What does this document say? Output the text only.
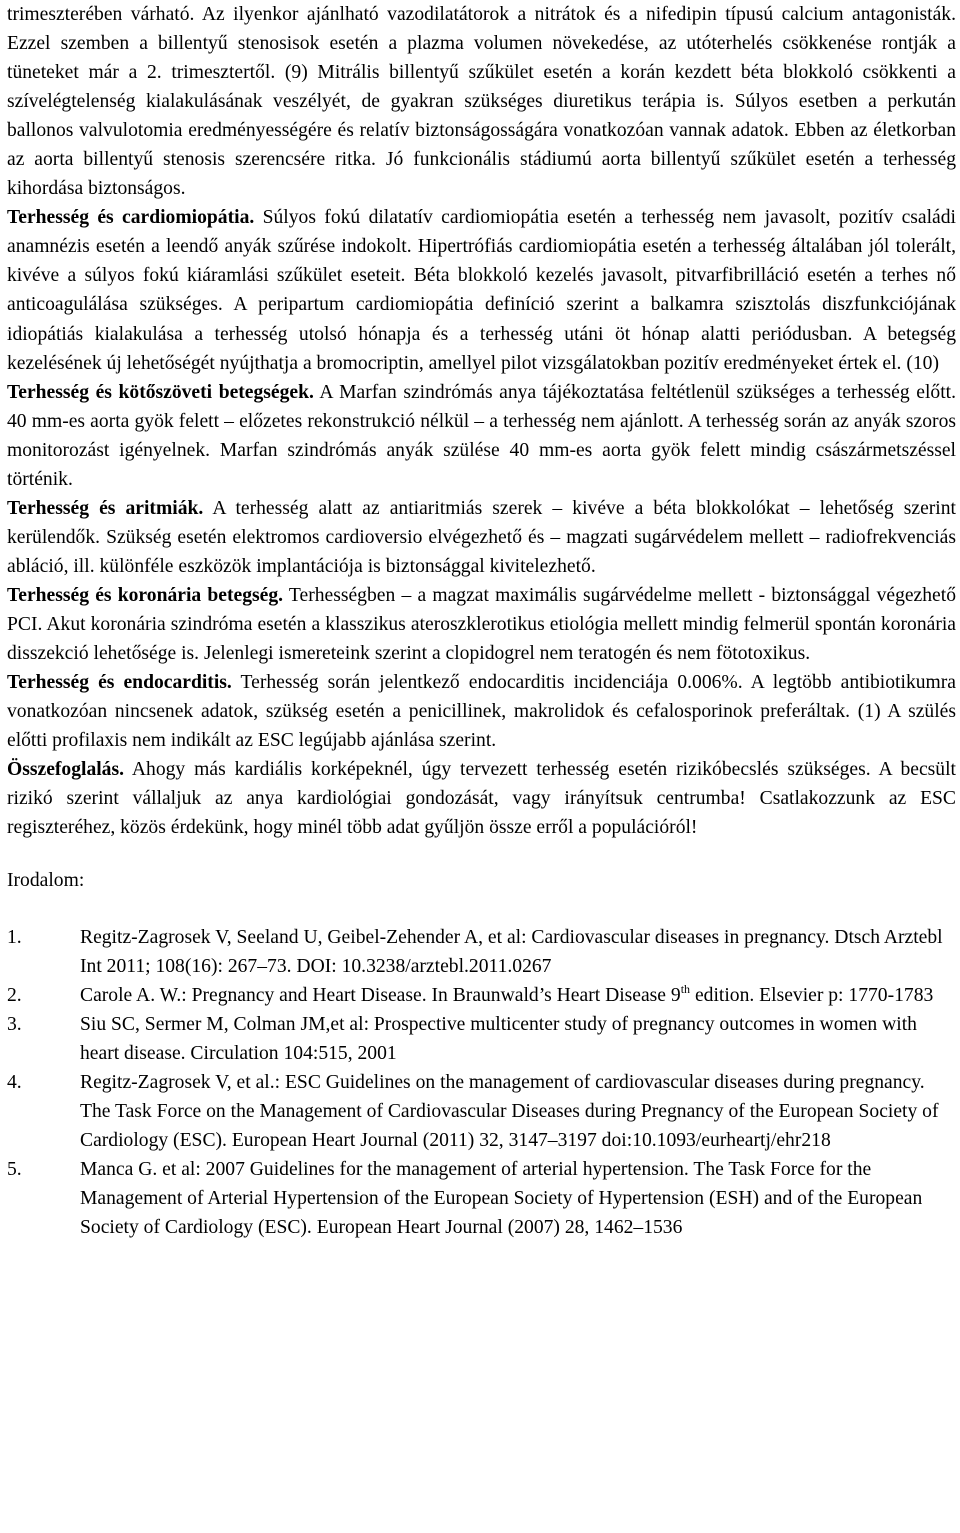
trimeszterében várható. Az ilyenkor ajánlható vazodilatátorok a nitrátok és a nifedipin típusú calcium antagonisták. Ezzel szemben a billentyű stenosisok esetén a plazma volumen növekedése, az utóterhelés csökkenése rontják a tüneteket már a 2. trimesztertől. (9) Mitrális billentyű szűkület esetén a korán kezdett béta blokkoló csökkenti a szívelégtelenség kialakulásának veszélyét, de gyakran szükséges diuretikus terápia is. Súlyos esetben a perkután ballonos valvulotomia eredményességére és relatív biztonságosságára vonatkozóan vannak adatok. Ebben az életkorban az aorta billentyű stenosis szerencsére ritka. Jó funkcionális stádiumú aorta billentyű szűkület esetén a terhesség kihordása biztonságos.

Terhesség és cardiomiopátia. Súlyos fokú dilatatív cardiomiopátia esetén a terhesség nem javasolt, pozitív családi anamnézis esetén a leendő anyák szűrése indokolt. Hipertrófiás cardiomiopátia esetén a terhesség általában jól tolerált, kivéve a súlyos fokú kiáramlási szűkület eseteit. Béta blokkoló kezelés javasolt, pitvarfibrilláció esetén a terhes nő anticoagulálása szükséges. A peripartum cardiomiopátia definíció szerint a balkamra szisztolás diszfunkciójának idiopátiás kialakulása a terhesség utolsó hónapja és a terhesség utáni öt hónap alatti periódusban. A betegség kezelésének új lehetőségét nyújthatja a bromocriptin, amellyel pilot vizsgálatokban pozitív eredményeket értek el. (10)

Terhesség és kötőszöveti betegségek. A Marfan szindrómás anya tájékoztatása feltétlenül szükséges a terhesség előtt. 40 mm-es aorta gyök felett – előzetes rekonstrukció nélkül – a terhesség nem ajánlott. A terhesség során az anyák szoros monitorozást igényelnek. Marfan szindrómás anyák szülése 40 mm-es aorta gyök felett mindig császármetszéssel történik.

Terhesség és aritmiák. A terhesség alatt az antiaritmiás szerek – kivéve a béta blokkolókat – lehetőség szerint kerülendők. Szükség esetén elektromos cardioversio elvégezhető és – magzati sugárvédelem mellett – radiofrekvenciás abláció, ill. különféle eszközök implantációja is biztonsággal kivitelezhető.

Terhesség és koronária betegség. Terhességben – a magzat maximális sugárvédelme mellett - biztonsággal végezhető PCI. Akut koronária szindróma esetén a klasszikus ateroszklerotikus etiológia mellett mindig felmerül spontán koronária disszekció lehetősége is. Jelenlegi ismereteink szerint a clopidogrel nem teratogén és nem fötotoxikus.

Terhesség és endocarditis. Terhesség során jelentkező endocarditis incidenciája 0.006%. A legtöbb antibiotikumra vonatkozóan nincsenek adatok, szükség esetén a penicillinek, makrolidok és cefalosporinok preferáltak. (1) A szülés előtti profilaxis nem indikált az ESC legújabb ajánlása szerint.

Összefoglalás. Ahogy más kardiális korképeknél, úgy tervezett terhesség esetén rizikóbecslés szükséges. A becsült rizikó szerint vállaljuk az anya kardiológiai gondozását, vagy irányítsuk centrumba! Csatlakozzunk az ESC regiszteréhez, közös érdekünk, hogy minél több adat gyűljön össze erről a populációról!

Irodalom:

1.	Regitz-Zagrosek V, Seeland U, Geibel-Zehender A, et al: Cardiovascular diseases in pregnancy. Dtsch Arztebl Int 2011; 108(16): 267–73. DOI: 10.3238/arztebl.2011.0267
2.	Carole A. W.: Pregnancy and Heart Disease. In Braunwald’s Heart Disease 9th edition. Elsevier p: 1770-1783
3.	Siu SC, Sermer M, Colman JM,et al: Prospective multicenter study of pregnancy outcomes in women with heart disease. Circulation 104:515, 2001
4.	Regitz-Zagrosek V, et al.: ESC Guidelines on the management of cardiovascular diseases during pregnancy. The Task Force on the Management of Cardiovascular Diseases during Pregnancy of the European Society of Cardiology (ESC). European Heart Journal (2011) 32, 3147–3197 doi:10.1093/eurheartj/ehr218
5.	Manca G. et al: 2007 Guidelines for the management of arterial hypertension. The Task Force for the Management of Arterial Hypertension of the European Society of Hypertension (ESH) and of the European Society of Cardiology (ESC). European Heart Journal (2007) 28, 1462–1536
